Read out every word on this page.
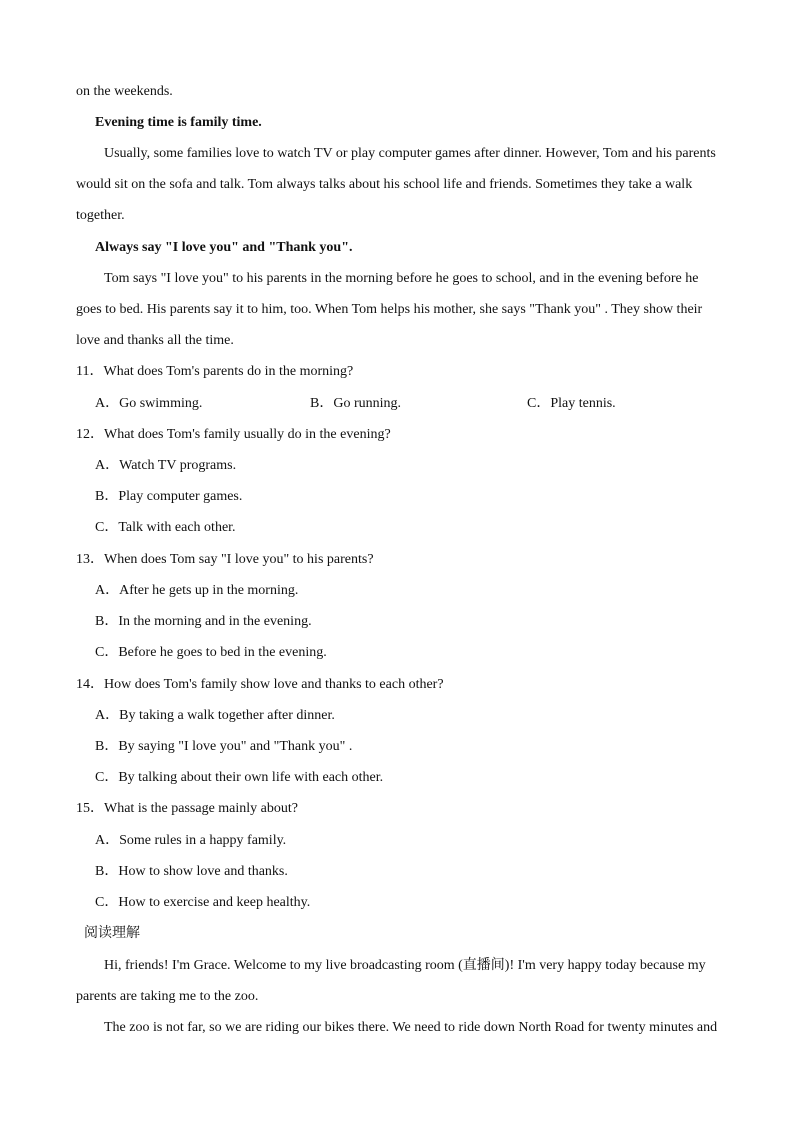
on the weekends.
Evening time is family time.
Usually, some families love to watch TV or play computer games after dinner. However, Tom and his parents
would sit on the sofa and talk. Tom always talks about his school life and friends. Sometimes they take a walk
together.
Always say "I love you" and "Thank you".
Tom says "I love you" to his parents in the morning before he goes to school, and in the evening before he
goes to bed. His parents say it to him, too. When Tom helps his mother, she says "Thank you" . They show their
love and thanks all the time.
11．What does Tom's parents do in the morning?
A．Go swimming.	B．Go running.	C．Play tennis.
12．What does Tom's family usually do in the evening?
A．Watch TV programs.
B．Play computer games.
C．Talk with each other.
13．When does Tom say "I love you" to his parents?
A．After he gets up in the morning.
B．In the morning and in the evening.
C．Before he goes to bed in the evening.
14．How does Tom's family show love and thanks to each other?
A．By taking a walk together after dinner.
B．By saying "I love you" and "Thank you" .
C．By talking about their own life with each other.
15．What is the passage mainly about?
A．Some rules in a happy family.
B．How to show love and thanks.
C．How to exercise and keep healthy.
阅读理解
Hi, friends! I'm Grace. Welcome to my live broadcasting room (直播间)! I'm very happy today because my
parents are taking me to the zoo.
The zoo is not far, so we are riding our bikes there. We need to ride down North Road for twenty minutes and
